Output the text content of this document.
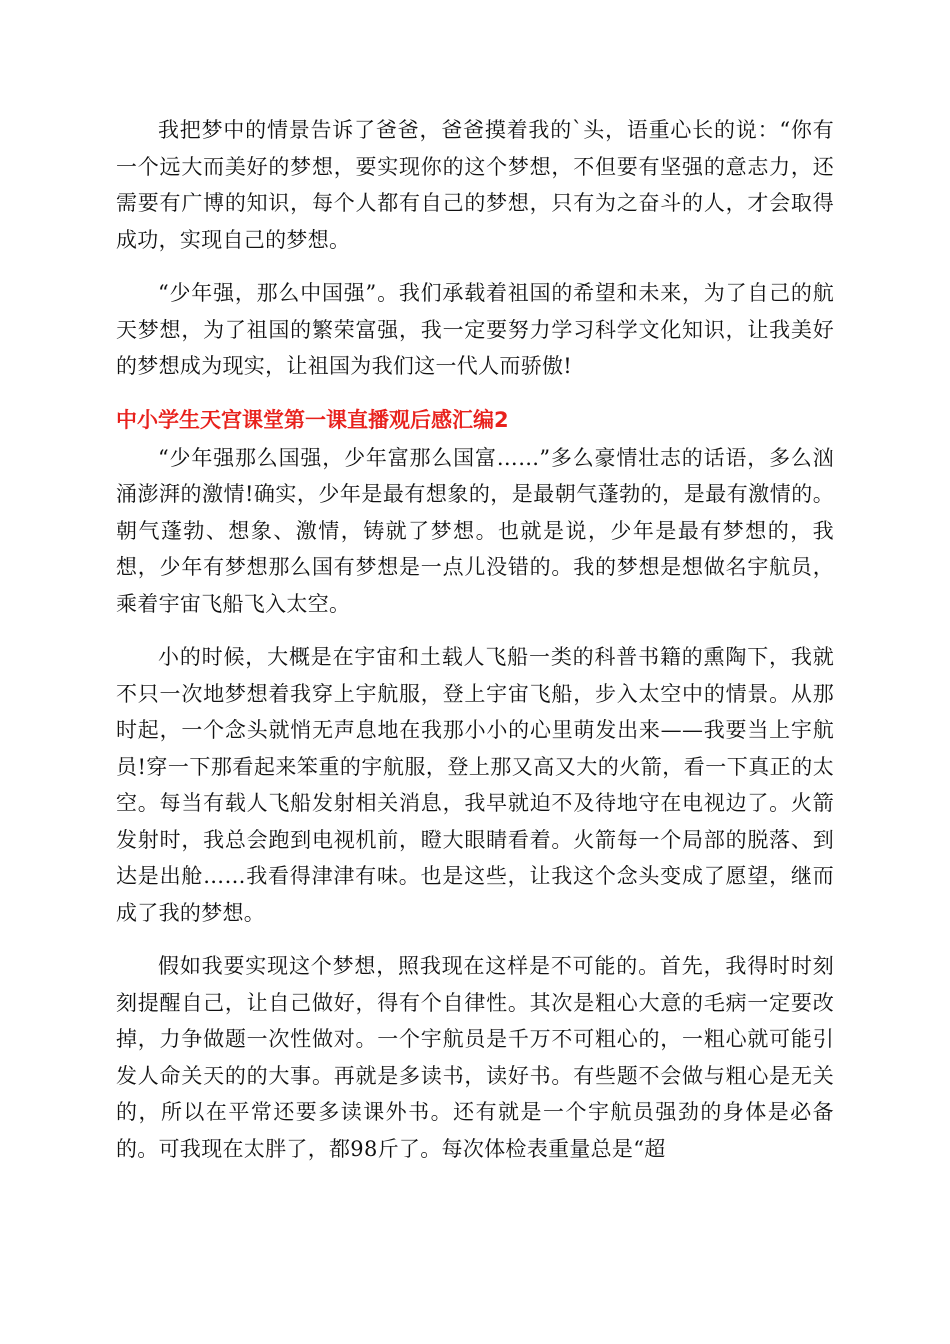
我把梦中的情景告诉了爸爸，爸爸摸着我的`头，语重心长的说：“你有一个远大而美好的梦想，要实现你的这个梦想，不但要有坚强的意志力，还需要有广博的知识，每个人都有自己的梦想，只有为之奋斗的人，才会取得成功，实现自己的梦想。

“少年强，那么中国强”。我们承载着祖国的希望和未来，为了自己的航天梦想，为了祖国的繁荣富强，我一定要努力学习科学文化知识，让我美好的梦想成为现实，让祖国为我们这一代人而骄傲!

中小学生天宫课堂第一课直播观后感汇编2

“少年强那么国强，少年富那么国富……”多么豪情壮志的话语，多么汹涌澎湃的激情!确实，少年是最有想象的，是最朝气蓬勃的，是最有激情的。朝气蓬勃、想象、激情，铸就了梦想。也就是说，少年是最有梦想的，我想，少年有梦想那么国有梦想是一点儿没错的。我的梦想是想做名宇航员，乘着宇宙飞船飞入太空。

小的时候，大概是在宇宙和土载人飞船一类的科普书籍的熏陶下，我就不只一次地梦想着我穿上宇航服，登上宇宙飞船，步入太空中的情景。从那时起，一个念头就悄无声息地在我那小小的心里萌发出来——我要当上宇航员!穿一下那看起来笨重的宇航服，登上那又高又大的火箭，看一下真正的太空。每当有载人飞船发射相关消息，我早就迫不及待地守在电视边了。火箭发射时，我总会跑到电视机前，瞪大眼睛看着。火箭每一个局部的脱落、到达是出舱……我看得津津有味。也是这些，让我这个念头变成了愿望，继而成了我的梦想。

假如我要实现这个梦想，照我现在这样是不可能的。首先，我得时时刻刻提醒自己，让自己做好，得有个自律性。其次是粗心大意的毛病一定要改掉，力争做题一次性做对。一个宇航员是千万不可粗心的，一粗心就可能引发人命关天的的大事。再就是多读书，读好书。有些题不会做与粗心是无关的，所以在平常还要多读课外书。还有就是一个宇航员强劲的身体是必备的。可我现在太胖了，都98斤了。每次体检表重量总是“超
